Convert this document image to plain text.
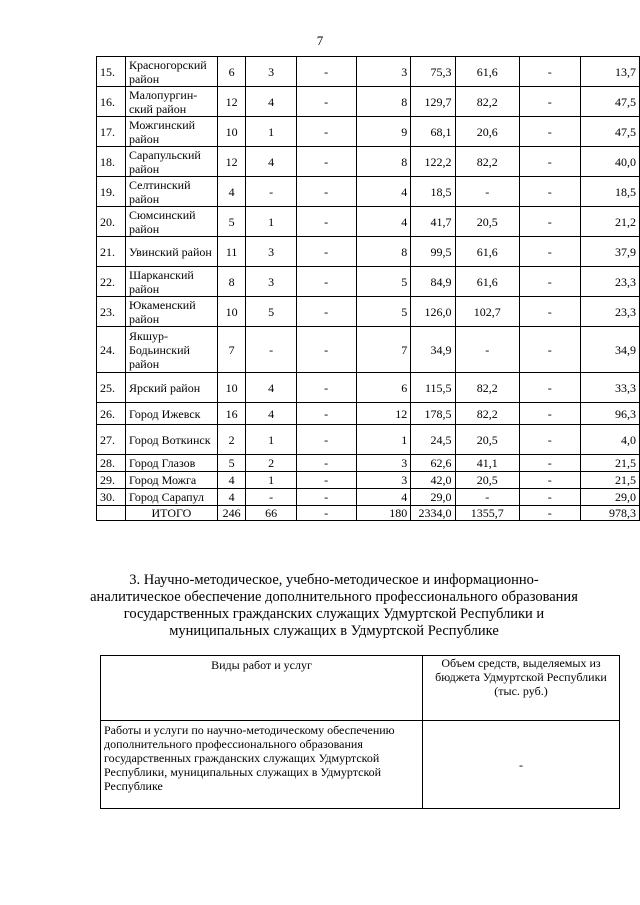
7
15.	Красногорский район	6	3	-	3	75,3	61,6	-	13,7
16.	Малопургин-ский район	12	4	-	8	129,7	82,2	-	47,5
17.	Можгинский район	10	1	-	9	68,1	20,6	-	47,5
18.	Сарапульский район	12	4	-	8	122,2	82,2	-	40,0
19.	Селтинский район	4	-	-	4	18,5	-	-	18,5
20.	Сюмсинский район	5	1	-	4	41,7	20,5	-	21,2
21.	Увинский район	11	3	-	8	99,5	61,6	-	37,9
22.	Шарканский район	8	3	-	5	84,9	61,6	-	23,3
23.	Юкаменский район	10	5	-	5	126,0	102,7	-	23,3
24.	Якшур-Бодьинский район	7	-	-	7	34,9	-	-	34,9
25.	Ярский район	10	4	-	6	115,5	82,2	-	33,3
26.	Город Ижевск	16	4	-	12	178,5	82,2	-	96,3
27.	Город Воткинск	2	1	-	1	24,5	20,5	-	4,0
28.	Город Глазов	5	2	-	3	62,6	41,1	-	21,5
29.	Город Можга	4	1	-	3	42,0	20,5	-	21,5
30.	Город Сарапул	4	-	-	4	29,0	-	-	29,0
	ИТОГО	246	66	-	180	2334,0	1355,7	-	978,3
3. Научно-методическое, учебно-методическое и информационно-аналитическое обеспечение дополнительного профессионального образования государственных гражданских служащих Удмуртской Республики и муниципальных служащих в Удмуртской Республике
Виды работ и услуг	Объем средств, выделяемых из бюджета Удмуртской Республики (тыс. руб.)
Работы и услуги по научно-методическому обеспечению дополнительного профессионального образования государственных гражданских служащих Удмуртской Республики, муниципальных служащих в Удмуртской Республике	-
